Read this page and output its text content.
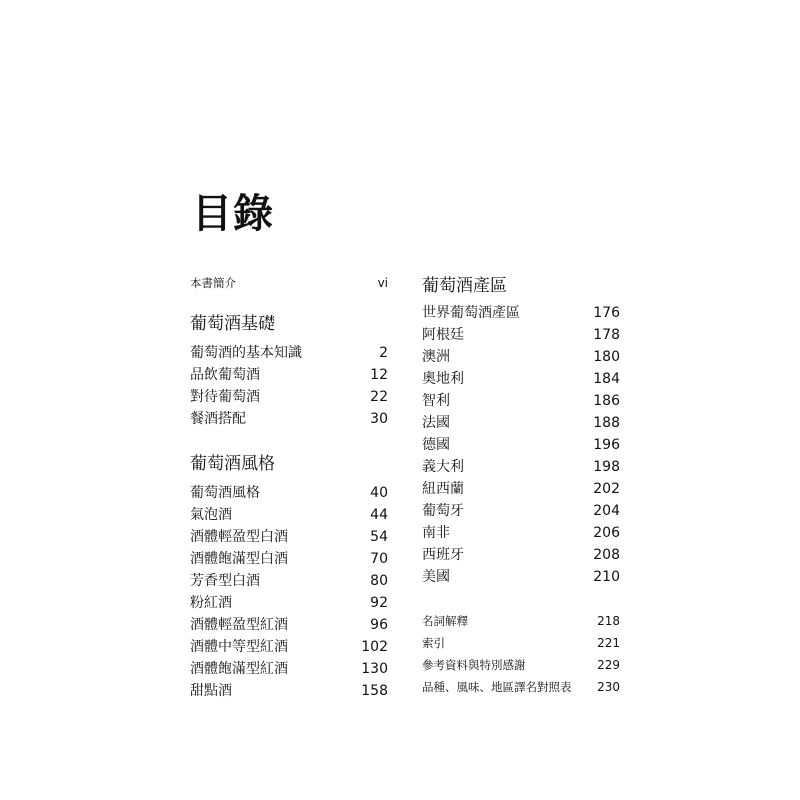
目錄
本書簡介	vi
葡萄酒基礎
葡萄酒的基本知識	2
品飲葡萄酒	12
對待葡萄酒	22
餐酒搭配	30
葡萄酒風格
葡萄酒風格	40
氣泡酒	44
酒體輕盈型白酒	54
酒體飽滿型白酒	70
芳香型白酒	80
粉紅酒	92
酒體輕盈型紅酒	96
酒體中等型紅酒	102
酒體飽滿型紅酒	130
甜點酒	158
葡萄酒產區
世界葡萄酒產區	176
阿根廷	178
澳洲	180
奧地利	184
智利	186
法國	188
德國	196
義大利	198
紐西蘭	202
葡萄牙	204
南非	206
西班牙	208
美國	210
名詞解釋	218
索引	221
參考資料與特別感謝	229
品種、風味、地區譯名對照表 230
